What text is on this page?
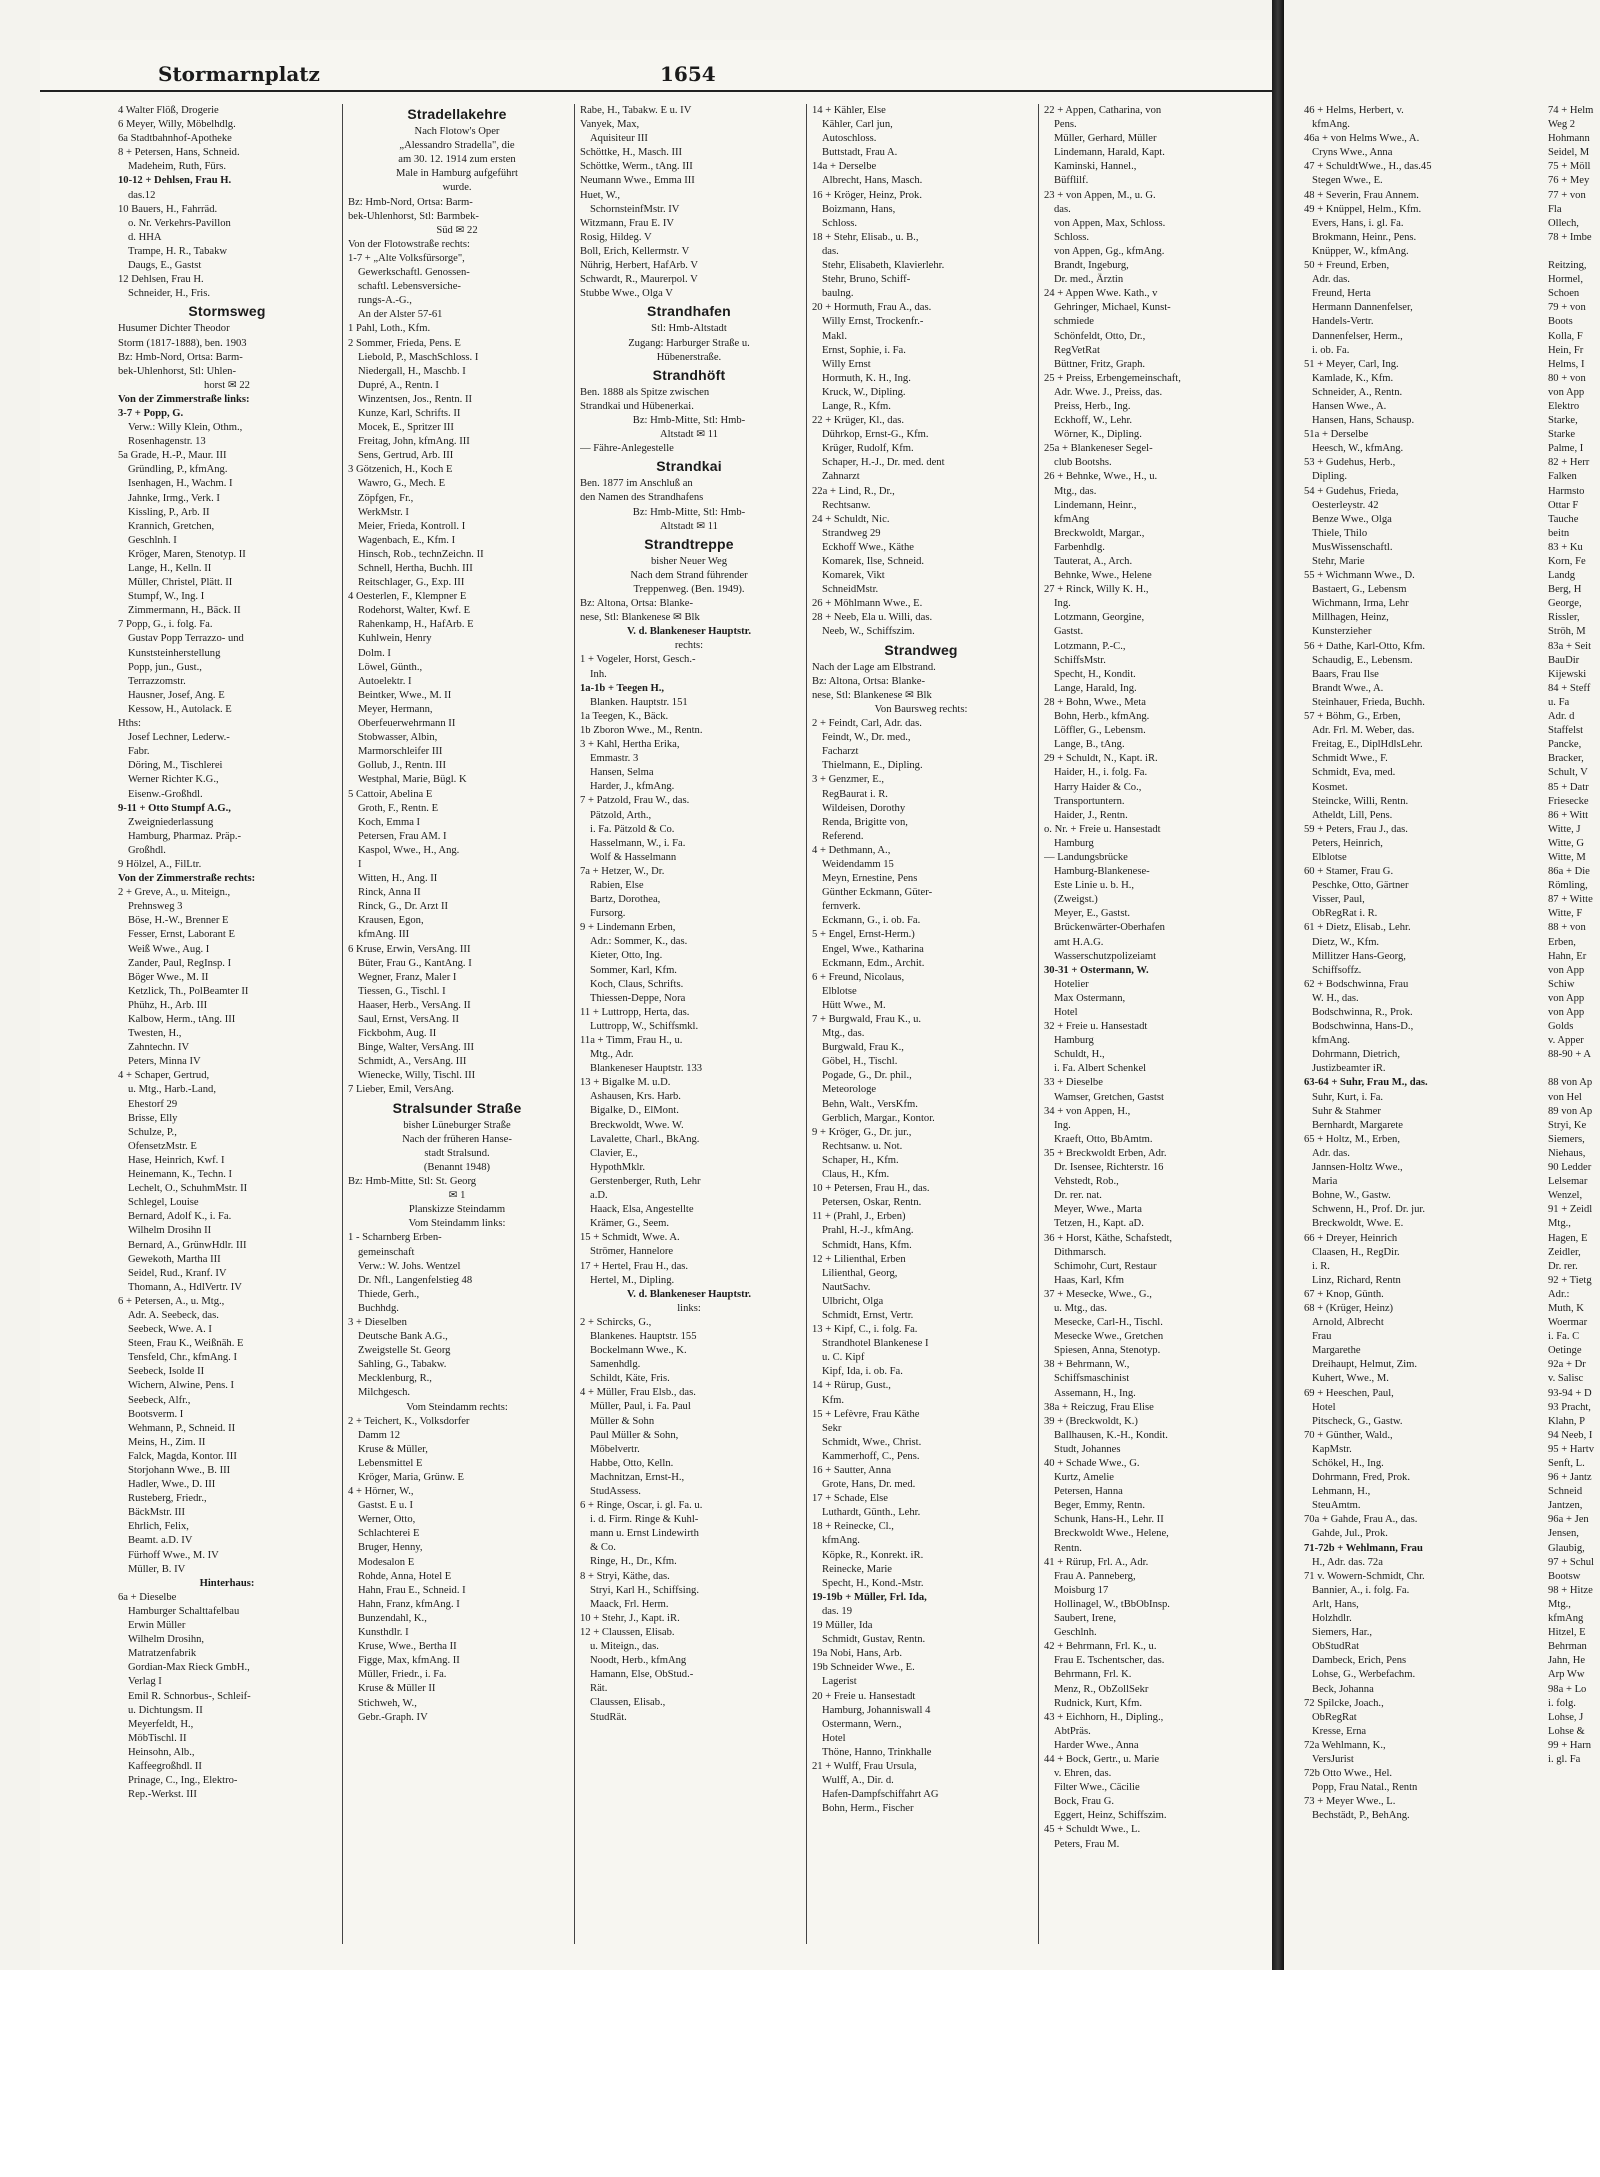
Stormarnplatz	1654
4 Walter Flöß, Drogerie
6 Meyer, Willy, Möbelhdlg.
6a Stadtbahnhof-Apotheke
8 + Petersen, Hans, Schneid.
Madeheim, Ruth, Fürs.
10-12 + Dehlsen, Frau H.
das.12
10 Bauers, H., Fahrräd.
o. Nr. Verkehrs-Pavillon
d. HHA
Trampe, H. R., Tabakw
Daugs, E., Gastst
12 Dehlsen, Frau H.
Schneider, H., Fris.
Stormsweg
Husumer Dichter Theodor
Storm (1817-1888), ben. 1903
Bz: Hmb-Nord, Ortsa: Barm-
bek-Uhlenhorst, Stl: Uhlen-
horst ✉ 22
Von der Zimmerstraße links:
3-7 + Popp, G.
Verw.: Willy Klein, Othm.,
Rosenhagenstr. 13
5a Grade, H.-P., Maur. III
Gründling, P., kfmAng.
Isenhagen, H., Wachm. I
Jahnke, Irmg., Verk. I
Kissling, P., Arb. II
Krannich, Gretchen,
Geschlnh. I
Kröger, Maren, Stenotyp. II
Lange, H., Kelln. II
Müller, Christel, Plätt. II
Stumpf, W., Ing. I
Zimmermann, H., Bäck. II
7 Popp, G., i. folg. Fa.
Gustav Popp Terrazzo- und
Kunststeinherstellung
Popp, jun., Gust.,
Terrazzomstr.
Hausner, Josef, Ang. E
Kessow, H., Autolack. E
Hths:
Josef Lechner, Lederw.-
Fabr.
Döring, M., Tischlerei
Werner Richter K.G.,
Eisenw.-Großhdl.
9-11 + Otto Stumpf A.G.,
Zweigniederlassung
Hamburg, Pharmaz. Präp.-
Großhdl.
9 Hölzel, A., FilLtr.
Von der Zimmerstraße rechts:
2 + Greve, A., u. Miteign.,
Prehnsweg 3
Böse, H.-W., Brenner E
Fesser, Ernst, Laborant E
Weiß Wwe., Aug. I
Zander, Paul, RegInsp. I
Böger Wwe., M. II
Ketzlick, Th., PolBeamter II
Phühz, H., Arb. III
Kalbow, Herm., tAng. III
Twesten, H.,
Zahntechn. IV
Peters, Minna IV
4 + Schaper, Gertrud,
u. Mtg., Harb.-Land,
Ehestorf 29
Brisse, Elly
Schulze, P.,
OfensetzMstr. E
Hase, Heinrich, Kwf. I
Heinemann, K., Techn. I
Lechelt, O., SchuhmMstr. II
Schlegel, Louise
Bernard, Adolf K., i. Fa.
Wilhelm Drosihn II
Bernard, A., GrünwHdlr. III
Gewekoth, Martha III
Seidel, Rud., Kranf. IV
Thomann, A., HdlVertr. IV
6 + Petersen, A., u. Mtg.,
Adr. A. Seebeck, das.
Seebeck, Wwe. A. I
Steen, Frau K., Weißnäh. E
Tensfeld, Chr., kfmAng. I
Seebeck, Isolde II
Wichern, Alwine, Pens. I
Seebeck, Alfr.,
Bootsverm. I
Wehmann, P., Schneid. II
Meins, H., Zim. II
Falck, Magda, Kontor. III
Storjohann Wwe., B. III
Hadler, Wwe., D. III
Rusteberg, Friedr.,
BäckMstr. III
Ehrlich, Felix,
Beamt. a.D. IV
Fürhoff Wwe., M. IV
Müller, B. IV
Hinterhaus:
6a + Dieselbe
Hamburger Schalttafelbau
Erwin Müller
Wilhelm Drosihn,
Matratzenfabrik
Gordian-Max Rieck GmbH.,
Verlag I
Emil R. Schnorbus-, Schleif-
u. Dichtungsm. II
Meyerfeldt, H.,
MöbTischl. II
Heinsohn, Alb.,
Kaffeegroßhdl. II
Prinage, C., Ing., Elektro-
Rep.-Werkst. III
Stradellakehre
Nach Flotow's Oper
„Alessandro Stradella", die
am 30. 12. 1914 zum ersten
Male in Hamburg aufgeführt
wurde.
Bz: Hmb-Nord, Ortsa: Barm-
bek-Uhlenhorst, Stl: Barmbek-
Süd ✉ 22
Von der Flotowstraße rechts:
1-7 + „Alte Volksfürsorge",
Gewerkschaftl. Genossen-
schaftl. Lebensversiche-
rungs-A.-G.,
An der Alster 57-61
1 Pahl, Loth., Kfm.
2 Sommer, Frieda, Pens. E
Liebold, P., MaschSchloss. I
Niedergall, H., Maschb. I
Dupré, A., Rentn. I
Winzentsen, Jos., Rentn. II
Kunze, Karl, Schrifts. II
Mocek, E., Spritzer III
Freitag, John, kfmAng. III
Sens, Gertrud, Arb. III
3 Götzenich, H., Koch E
Wawro, G., Mech. E
Zöpfgen, Fr.,
WerkMstr. I
Meier, Frieda, Kontroll. I
Wagenbach, E., Kfm. I
Hinsch, Rob., technZeichn. II
Schnell, Hertha, Buchh. III
Reitschlager, G., Exp. III
4 Oesterlen, F., Klempner E
Rodehorst, Walter, Kwf. E
Rahenkamp, H., HafArb. E
Kuhlwein, Henry
Dolm. I
Löwel, Günth.,
Autoelektr. I
Beintker, Wwe., M. II
Meyer, Hermann,
Oberfeuerwehrmann II
Stobwasser, Albin,
Marmorschleifer III
Gollub, J., Rentn. III
Westphal, Marie, Bügl. K
5 Cattoir, Abelina E
Groth, F., Rentn. E
Koch, Emma I
Petersen, Frau AM. I
Kaspol, Wwe., H., Ang.
I
Witten, H., Ang. II
Rinck, Anna II
Rinck, G., Dr. Arzt II
Krausen, Egon,
kfmAng. III
6 Kruse, Erwin, VersAng. III
Büter, Frau G., KantAng. I
Wegner, Franz, Maler I
Tiessen, G., Tischl. I
Haaser, Herb., VersAng. II
Saul, Ernst, VersAng. II
Fickbohm, Aug. II
Binge, Walter, VersAng. III
Schmidt, A., VersAng. III
Wienecke, Willy, Tischl. III
7 Lieber, Emil, VersAng.
Stralsunder Straße
bisher Lüneburger Straße
Nach der früheren Hanse-
stadt Stralsund.
(Benannt 1948)
Bz: Hmb-Mitte, Stl: St. Georg
✉ 1
Planskizze Steindamm
Vom Steindamm links:
1 - Scharnberg Erben-
gemeinschaft
Verw.: W. Johs. Wentzel
Dr. Nfl., Langenfelstieg 48
Thiede, Gerh.,
Buchhdg.
3 + Dieselben
Deutsche Bank A.G.,
Zweigstelle St. Georg
Sahling, G., Tabakw.
Mecklenburg, R.,
Milchgesch.
Vom Steindamm rechts:
2 + Teichert, K., Volksdorfer
Damm 12
Kruse & Müller,
Lebensmittel E
Kröger, Maria, Grünw. E
4 + Hörner, W.,
Gastst. E u. I
Werner, Otto,
Schlachterei E
Bruger, Henny,
Modesalon E
Rohde, Anna, Hotel E
Hahn, Frau E., Schneid. I
Hahn, Franz, kfmAng. I
Bunzendahl, K.,
Kunsthdlr. I
Kruse, Wwe., Bertha II
Figge, Max, kfmAng. II
Müller, Friedr., i. Fa.
Kruse & Müller II
Stichweh, W.,
Gebr.-Graph. IV
Rabe, H., Tabakw. E u. IV
Vanyek, Max,
Aquisiteur III
Schöttke, H., Masch. III
Schöttke, Werm., tAng. III
Neumann Wwe., Emma III
Huet, W.,
SchornsteinfMstr. IV
Witzmann, Frau E. IV
Rosig, Hildeg. V
Boll, Erich, Kellermstr. V
Nührig, Herbert, HafArb. V
Schwardt, R., Maurerpol. V
Stubbe Wwe., Olga V
Strandhafen
Stl: Hmb-Altstadt
Zugang: Harburger Straße u.
Hübenerstraße.
Strandhöft
Ben. 1888 als Spitze zwischen
Strandkai und Hübenerkai.
Bz: Hmb-Mitte, Stl: Hmb-
Altstadt ✉ 11
— Fähre-Anlegestelle
Strandkai
Ben. 1877 im Anschluß an
den Namen des Strandhafens
Bz: Hmb-Mitte, Stl: Hmb-
Altstadt ✉ 11
Strandtreppe
bisher Neuer Weg
Nach dem Strand führender
Treppenweg. (Ben. 1949).
Bz: Altona, Ortsa: Blanke-
nese, Stl: Blankenese ✉ Blk
V. d. Blankeneser Hauptstr.
rechts:
1 + Vogeler, Horst, Gesch.-
Inh.
1a-1b + Teegen H.,
Blanken. Hauptstr. 151
1a Teegen, K., Bäck.
1b Zboron Wwe., M., Rentn.
3 + Kahl, Hertha Erika,
Emmastr. 3
Hansen, Selma
Harder, J., kfmAng.
7 + Patzold, Frau W., das.
Pätzold, Arth.,
i. Fa. Pätzold & Co.
Hasselmann, W., i. Fa.
Wolf & Hasselmann
7a + Hetzer, W., Dr.
Rabien, Else
Bartz, Dorothea,
Fursorg.
9 + Lindemann Erben,
Adr.: Sommer, K., das.
Kieter, Otto, Ing.
Sommer, Karl, Kfm.
Koch, Claus, Schrifts.
Thiessen-Deppe, Nora
11 + Luttropp, Herta, das.
Luttropp, W., Schiffsmkl.
11a + Timm, Frau H., u.
Mtg., Adr.
Blankeneser Hauptstr. 133
13 + Bigalke M. u.D.
Ashausen, Krs. Harb.
Bigalke, D., ElMont.
Breckwoldt, Wwe. W.
Lavalette, Charl., BkAng.
Clavier, E.,
HypothMklr.
Gerstenberger, Ruth, Lehr
a.D.
Haack, Elsa, Angestellte
Krämer, G., Seem.
15 + Schmidt, Wwe. A.
Strömer, Hannelore
17 + Hertel, Frau H., das.
Hertel, M., Dipling.
V. d. Blankeneser Hauptstr.
links:
2 + Schircks, G.,
Blankenes. Hauptstr. 155
Bockelmann Wwe., K.
Samenhdlg.
Schildt, Käte, Fris.
4 + Müller, Frau Elsb., das.
Müller, Paul, i. Fa. Paul
Müller & Sohn
Paul Müller & Sohn,
Möbelvertr.
Habbe, Otto, Kelln.
Machnitzan, Ernst-H.,
StudAssess.
6 + Ringe, Oscar, i. gl. Fa. u.
i. d. Firm. Ringe & Kuhl-
mann u. Ernst Lindewirth
& Co.
Ringe, H., Dr., Kfm.
8 + Stryi, Käthe, das.
Stryi, Karl H., Schiffsing.
Maack, Frl. Herm.
10 + Stehr, J., Kapt. iR.
12 + Claussen, Elisab.
u. Miteign., das.
Noodt, Herb., kfmAng
Hamann, Else, ObStud.-
Rät.
Claussen, Elisab.,
StudRät.
14 + Kähler, Else
Kähler, Carl jun,
Autoschloss.
Buttstadt, Frau A.
14a + Derselbe
Albrecht, Hans, Masch.
16 + Kröger, Heinz, Prok.
Boizmann, Hans,
Schloss.
18 + Stehr, Elisab., u. B.,
das.
Stehr, Elisabeth, Klavierlehr.
Stehr, Bruno, Schiff-
baulng.
20 + Hormuth, Frau A., das.
Willy Ernst, Trockenfr.-
Makl.
Ernst, Sophie, i. Fa.
Willy Ernst
Hormuth, K. H., Ing.
Kruck, W., Dipling.
Lange, R., Kfm.
22 + Krüger, Kl., das.
Dührkop, Ernst-G., Kfm.
Krüger, Rudolf, Kfm.
Schaper, H.-J., Dr. med. dent
Zahnarzt
22a + Lind, R., Dr.,
Rechtsanw.
24 + Schuldt, Nic.
Strandweg 29
Eckhoff Wwe., Käthe
Komarek, Ilse, Schneid.
Komarek, Vikt
SchneidMstr.
26 + Möhlmann Wwe., E.
28 + Neeb, Ela u. Willi, das.
Neeb, W., Schiffszim.
Strandweg
Nach der Lage am Elbstrand.
Bz: Altona, Ortsa: Blanke-
nese, Stl: Blankenese ✉ Blk
Von Baursweg rechts:
2 + Feindt, Carl, Adr. das.
Feindt, W., Dr. med.,
Facharzt
Thielmann, E., Dipling.
3 + Genzmer, E.,
RegBaurat i. R.
Wildeisen, Dorothy
Renda, Brigitte von,
Referend.
4 + Dethmann, A.,
Weidendamm 15
Meyn, Ernestine, Pens
Günther Eckmann, Güter-
fernverk.
Eckmann, G., i. ob. Fa.
5 + Engel, Ernst-Herm.)
Engel, Wwe., Katharina
Eckmann, Edm., Archit.
6 + Freund, Nicolaus,
Elblotse
Hütt Wwe., M.
7 + Burgwald, Frau K., u.
Mtg., das.
Burgwald, Frau K.,
Göbel, H., Tischl.
Pogade, G., Dr. phil.,
Meteorologe
Behn, Walt., VersKfm.
Gerblich, Margar., Kontor.
9 + Kröger, G., Dr. jur.,
Rechtsanw. u. Not.
Schaper, H., Kfm.
Claus, H., Kfm.
10 + Petersen, Frau H., das.
Petersen, Oskar, Rentn.
11 + (Prahl, J., Erben)
Prahl, H.-J., kfmAng.
Schmidt, Hans, Kfm.
12 + Lilienthal, Erben
Lilienthal, Georg,
NautSachv.
Ulbricht, Olga
Schmidt, Ernst, Vertr.
13 + Kipf, C., i. folg. Fa.
Strandhotel Blankenese I
u. C. Kipf
Kipf, Ida, i. ob. Fa.
14 + Rürup, Gust.,
Kfm.
15 + Lefèvre, Frau Käthe
Sekr
Schmidt, Wwe., Christ.
Kammerhoff, C., Pens.
16 + Sautter, Anna
Grote, Hans, Dr. med.
17 + Schade, Else
Luthardt, Günth., Lehr.
18 + Reinecke, Cl.,
kfmAng.
Köpke, R., Konrekt. iR.
Reinecke, Marie
Specht, H., Kond.-Mstr.
19-19b + Müller, Frl. Ida,
das. 19
19 Müller, Ida
Schmidt, Gustav, Rentn.
19a Nobi, Hans, Arb.
19b Schneider Wwe., E.
Lagerist
20 + Freie u. Hansestadt
Hamburg, Johanniswall 4
Ostermann, Wern.,
Hotel
Thöne, Hanno, Trinkhalle
21 + Wulff, Frau Ursula,
Wulff, A., Dir. d.
Hafen-Dampfschiffahrt AG
Bohn, Herm., Fischer
22 + Appen, Catharina, von
Pens.
Müller, Gerhard, Müller
Lindemann, Harald, Kapt.
Kaminski, Hannel.,
Büfflilf.
23 + von Appen, M., u. G.
das.
von Appen, Max, Schloss.
Schloss.
von Appen, Gg., kfmAng.
Brandt, Ingeburg,
Dr. med., Ärztin
24 + Appen Wwe. Kath., v
Gehringer, Michael, Kunst-
schmiede
Schönfeldt, Otto, Dr.,
RegVetRat
Büttner, Fritz, Graph.
25 + Preiss, Erbengemeinschaft,
Adr. Wwe. J., Preiss, das.
Preiss, Herb., Ing.
Eckhoff, W., Lehr.
Wörner, K., Dipling.
25a + Blankeneser Segel-
club Bootshs.
26 + Behnke, Wwe., H., u.
Mtg., das.
Lindemann, Heinr.,
kfmAng
Breckwoldt, Margar.,
Farbenhdlg.
Tauterat, A., Arch.
Behnke, Wwe., Helene
27 + Rinck, Willy K. H.,
Ing.
Lotzmann, Georgine,
Gastst.
Lotzmann, P.-C.,
SchiffsMstr.
Specht, H., Kondit.
Lange, Harald, Ing.
28 + Bohn, Wwe., Meta
Bohn, Herb., kfmAng.
Löffler, G., Lebensm.
Lange, B., tAng.
29 + Schuldt, N., Kapt. iR.
Haider, H., i. folg. Fa.
Harry Haider & Co.,
Transportuntern.
Haider, J., Rentn.
o. Nr. + Freie u. Hansestadt
Hamburg
— Landungsbrücke
Hamburg-Blankenese-
Este Linie u. b. H.,
(Zweigst.)
Meyer, E., Gastst.
Brückenwärter-Oberhafen
amt H.A.G.
Wasserschutzpolizeiamt
30-31 + Ostermann, W.
Hotelier
Max Ostermann,
Hotel
32 + Freie u. Hansestadt
Hamburg
Schuldt, H.,
i. Fa. Albert Schenkel
33 + Dieselbe
Wamser, Gretchen, Gastst
34 + von Appen, H.,
Ing.
Kraeft, Otto, BbAmtm.
35 + Breckwoldt Erben, Adr.
Dr. Isensee, Richterstr. 16
Vehstedt, Rob.,
Dr. rer. nat.
Meyer, Wwe., Marta
Tetzen, H., Kapt. aD.
36 + Horst, Käthe, Schafstedt,
Dithmarsch.
Schimohr, Curt, Restaur
Haas, Karl, Kfm
37 + Mesecke, Wwe., G.,
u. Mtg., das.
Mesecke, Carl-H., Tischl.
Mesecke Wwe., Gretchen
Spiesen, Anna, Stenotyp.
38 + Behrmann, W.,
Schiffsmaschinist
Assemann, H., Ing.
38a + Reiczug, Frau Elise
39 + (Breckwoldt, K.)
Ballhausen, K.-H., Kondit.
Studt, Johannes
40 + Schade Wwe., G.
Kurtz, Amelie
Petersen, Hanna
Beger, Emmy, Rentn.
Schunk, Hans-H., Lehr. II
Breckwoldt Wwe., Helene,
Rentn.
41 + Rürup, Frl. A., Adr.
Frau A. Panneberg,
Moisburg 17
Hollinagel, W., tBbObInsp.
Saubert, Irene,
Geschlnh.
42 + Behrmann, Frl. K., u.
Frau E. Tschentscher, das.
Behrmann, Frl. K.
Menz, R., ObZollSekr
Rudnick, Kurt, Kfm.
43 + Eichhorn, H., Dipling.,
AbtPräs.
Harder Wwe., Anna
44 + Bock, Gertr., u. Marie
v. Ehren, das.
Filter Wwe., Cäcilie
Bock, Frau G.
Eggert, Heinz, Schiffszim.
45 + Schuldt Wwe., L.
Peters, Frau M.
46 + Helms, Herbert, v.
kfmAng.
46a + von Helms Wwe., A.
Cryns Wwe., Anna
47 + SchuldtWwe., H., das.45
Stegen Wwe., E.
48 + Severin, Frau Annem.
49 + Knüppel, Helm., Kfm.
Evers, Hans, i. gl. Fa.
Brokmann, Heinr., Pens.
Knüpper, W., kfmAng.
50 + Freund, Erben,
Adr. das.
Freund, Herta
Hermann Dannenfelser,
Handels-Vertr.
Dannenfelser, Herm.,
i. ob. Fa.
51 + Meyer, Carl, Ing.
Kamlade, K., Kfm.
Schneider, A., Rentn.
Hansen Wwe., A.
Hansen, Hans, Schausp.
51a + Derselbe
Heesch, W., kfmAng.
53 + Gudehus, Herb.,
Dipling.
54 + Gudehus, Frieda,
Oesterleystr. 42
Benze Wwe., Olga
Thiele, Thilo
MusWissenschaftl.
Stehr, Marie
55 + Wichmann Wwe., D.
Bastaert, G., Lebensm
Wichmann, Irma, Lehr
Millhagen, Heinz,
Kunsterzieher
56 + Dathe, Karl-Otto, Kfm.
Schaudig, E., Lebensm.
Baars, Frau Ilse
Brandt Wwe., A.
Steinhauer, Frieda, Buchh.
57 + Böhm, G., Erben,
Adr. Frl. M. Weber, das.
Freitag, E., DiplHdlsLehr.
Schmidt Wwe., F.
Schmidt, Eva, med.
Kosmet.
Steincke, Willi, Rentn.
Atheldt, Lill, Pens.
59 + Peters, Frau J., das.
Peters, Heinrich,
Elblotse
60 + Stamer, Frau G.
Peschke, Otto, Gärtner
Visser, Paul,
ObRegRat i. R.
61 + Dietz, Elisab., Lehr.
Dietz, W., Kfm.
Millitzer Hans-Georg,
Schiffsoffz.
62 + Bodschwinna, Frau
W. H., das.
Bodschwinna, R., Prok.
Bodschwinna, Hans-D.,
kfmAng.
Dohrmann, Dietrich,
Justizbeamter iR.
63-64 + Suhr, Frau M., das.
Suhr, Kurt, i. Fa.
Suhr & Stahmer
Bernhardt, Margarete
65 + Holtz, M., Erben,
Adr. das.
Jannsen-Holtz Wwe.,
Maria
Bohne, W., Gastw.
Schwenn, H., Prof. Dr. jur.
Breckwoldt, Wwe. E.
66 + Dreyer, Heinrich
Claasen, H., RegDir.
i. R.
Linz, Richard, Rentn
67 + Knop, Günth.
68 + (Krüger, Heinz)
Arnold, Albrecht
Frau
Margarethe
Dreihaupt, Helmut, Zim.
Kuhert, Wwe., M.
69 + Heeschen, Paul,
Hotel
Pitscheck, G., Gastw.
70 + Günther, Wald.,
KapMstr.
Schökel, H., Ing.
Dohrmann, Fred, Prok.
Lehmann, H.,
SteuAmtm.
70a + Gahde, Frau A., das.
Gahde, Jul., Prok.
71-72b + Wehlmann, Frau
H., Adr. das. 72a
71 v. Wowern-Schmidt, Chr.
Bannier, A., i. folg. Fa.
Arlt, Hans,
Holzhdlr.
Siemers, Har.,
ObStudRat
Dambeck, Erich, Pens
Lohse, G., Werbefachm.
Beck, Johanna
72 Spilcke, Joach.,
ObRegRat
Kresse, Erna
72a Wehlmann, K.,
VersJurist
72b Otto Wwe., Hel.
Popp, Frau Natal., Rentn
73 + Meyer Wwe., L.
Bechstädt, P., BehAng.
74 + Helm
Weg 2
Hohmann
Seidel, M
75 + Möll
76 + Mey
77 + von
Fla
Ollech,
78 + Imbe

Reitzing,
Hormel,
Schoen
79 + von
Boots
Kolla, F
Hein, Fr
Helms, I
80 + von
von App
Elektro
Starke,
Starke
Palme, I
82 + Herr
Falken
Harmsto
Ottar F
Tauche
beitn
83 + Ku
Korn, Fe
Landg
Berg, H
George,
Rissler,
Ströh, M
83a + Seit
BauDir
Kijewski
84 + Steff
u. Fa
Adr. d
Staffelst
Pancke,
Bracker,
Schult, V
85 + Datr
Friesecke
86 + Witt
Witte, J
Witte, G
Witte, M
86a + Die
Römling,
87 + Witte
Witte, F
88 + von
Erben,
Hahn, Er
von App
Schiw
von App
von App
Golds
v. Apper
88-90 + A

88 von Ap
von Hel
89 von Ap
Stryi, Ke
Siemers,
Niehaus,
90 Ledder
Lelsemar
Wenzel,
91 + Zeidl
Mtg.,
Hagen, E
Zeidler,
Dr. rer.
92 + Tietg
Adr.:
Muth, K
Woermar
i. Fa. C
Oetinge
92a + Dr
v. Salisc
93-94 + D
93 Pracht,
Klahn, P
94 Neeb, I
95 + Hartv
Senft, L.
96 + Jantz
Schneid
Jantzen,
96a + Jen
Jensen,
Glaubig,
97 + Schul
Bootsw
98 + Hitze
Mtg.,
kfmAng
Hitzel, E
Behrman
Jahn, He
Arp Ww
98a + Lo
i. folg.
Lohse, J
Lohse &
99 + Harn
i. gl. Fa
